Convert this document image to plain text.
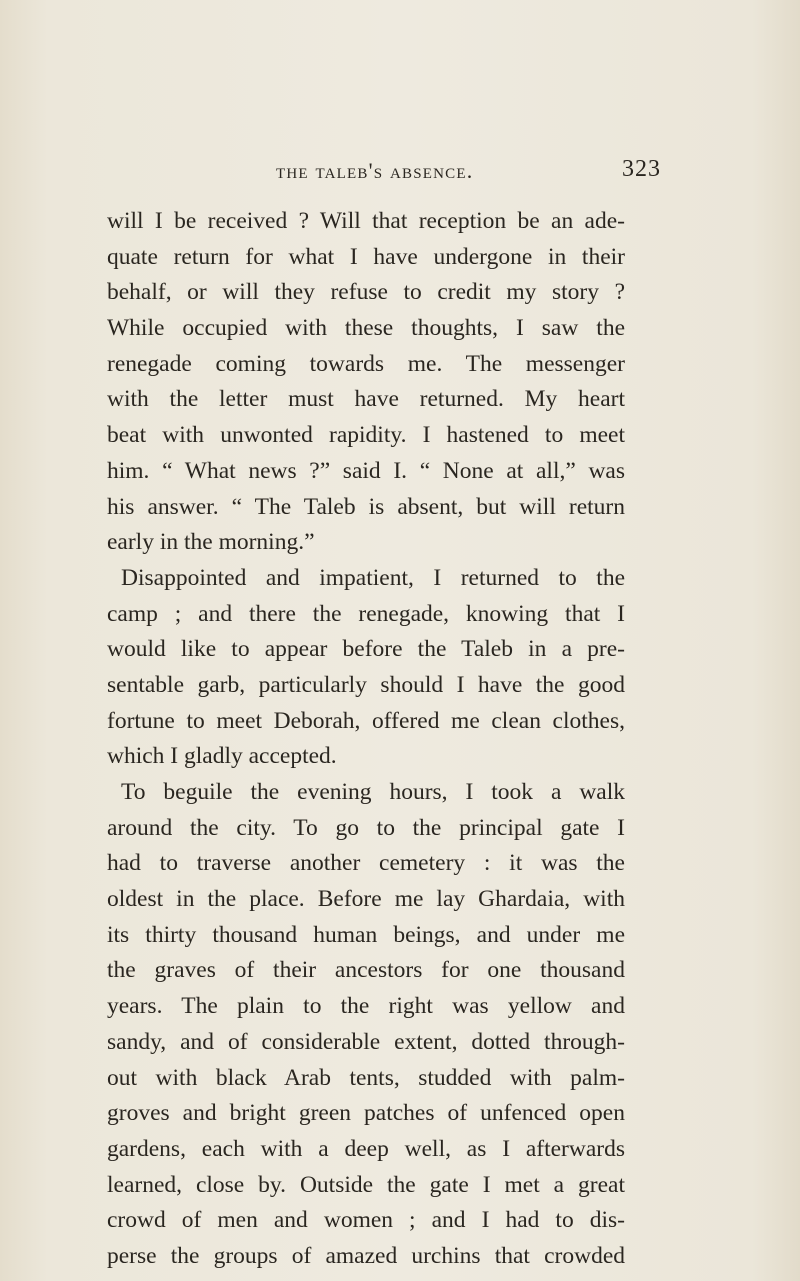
the taleb's absence.	323
will I be received ? Will that reception be an ade-
quate return for what I have undergone in their
behalf, or will they refuse to credit my story ?
While occupied with these thoughts, I saw the
renegade coming towards me. The messenger
with the letter must have returned. My heart
beat with unwonted rapidity. I hastened to meet
him. “ What news ?” said I. “ None at all,” was
his answer. “ The Taleb is absent, but will return
early in the morning.”
Disappointed and impatient, I returned to the
camp ; and there the renegade, knowing that I
would like to appear before the Taleb in a pre-
sentable garb, particularly should I have the good
fortune to meet Deborah, offered me clean clothes,
which I gladly accepted.
To beguile the evening hours, I took a walk
around the city. To go to the principal gate I
had to traverse another cemetery : it was the
oldest in the place. Before me lay Ghardaia, with
its thirty thousand human beings, and under me
the graves of their ancestors for one thousand
years. The plain to the right was yellow and
sandy, and of considerable extent, dotted through-
out with black Arab tents, studded with palm-
groves and bright green patches of unfenced open
gardens, each with a deep well, as I afterwards
learned, close by. Outside the gate I met a great
crowd of men and women ; and I had to dis-
perse the groups of amazed urchins that crowded
